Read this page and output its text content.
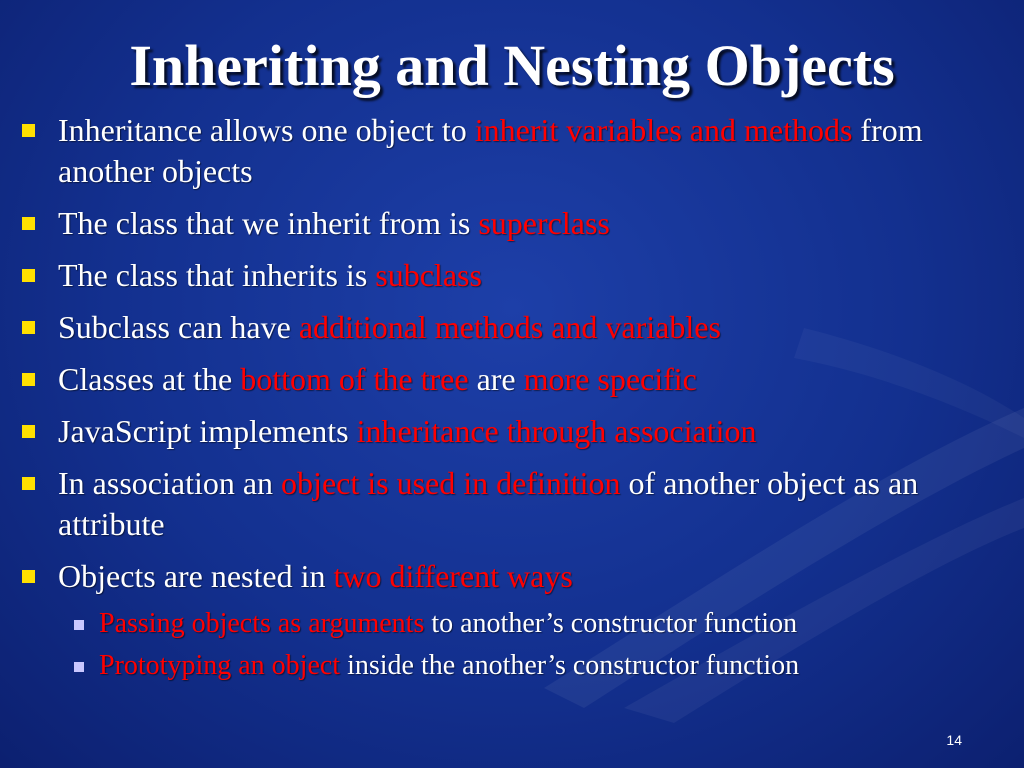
Inheriting and Nesting Objects
Inheritance allows one object to inherit variables and methods from another objects
The class that we inherit from is superclass
The class that inherits is subclass
Subclass can have additional methods and variables
Classes at the bottom of the tree are more specific
JavaScript implements inheritance through association
In association an object is used in definition of another object as an attribute
Objects are nested in two different ways
Passing objects as arguments to another’s constructor function
Prototyping an object inside the another’s constructor function
14
